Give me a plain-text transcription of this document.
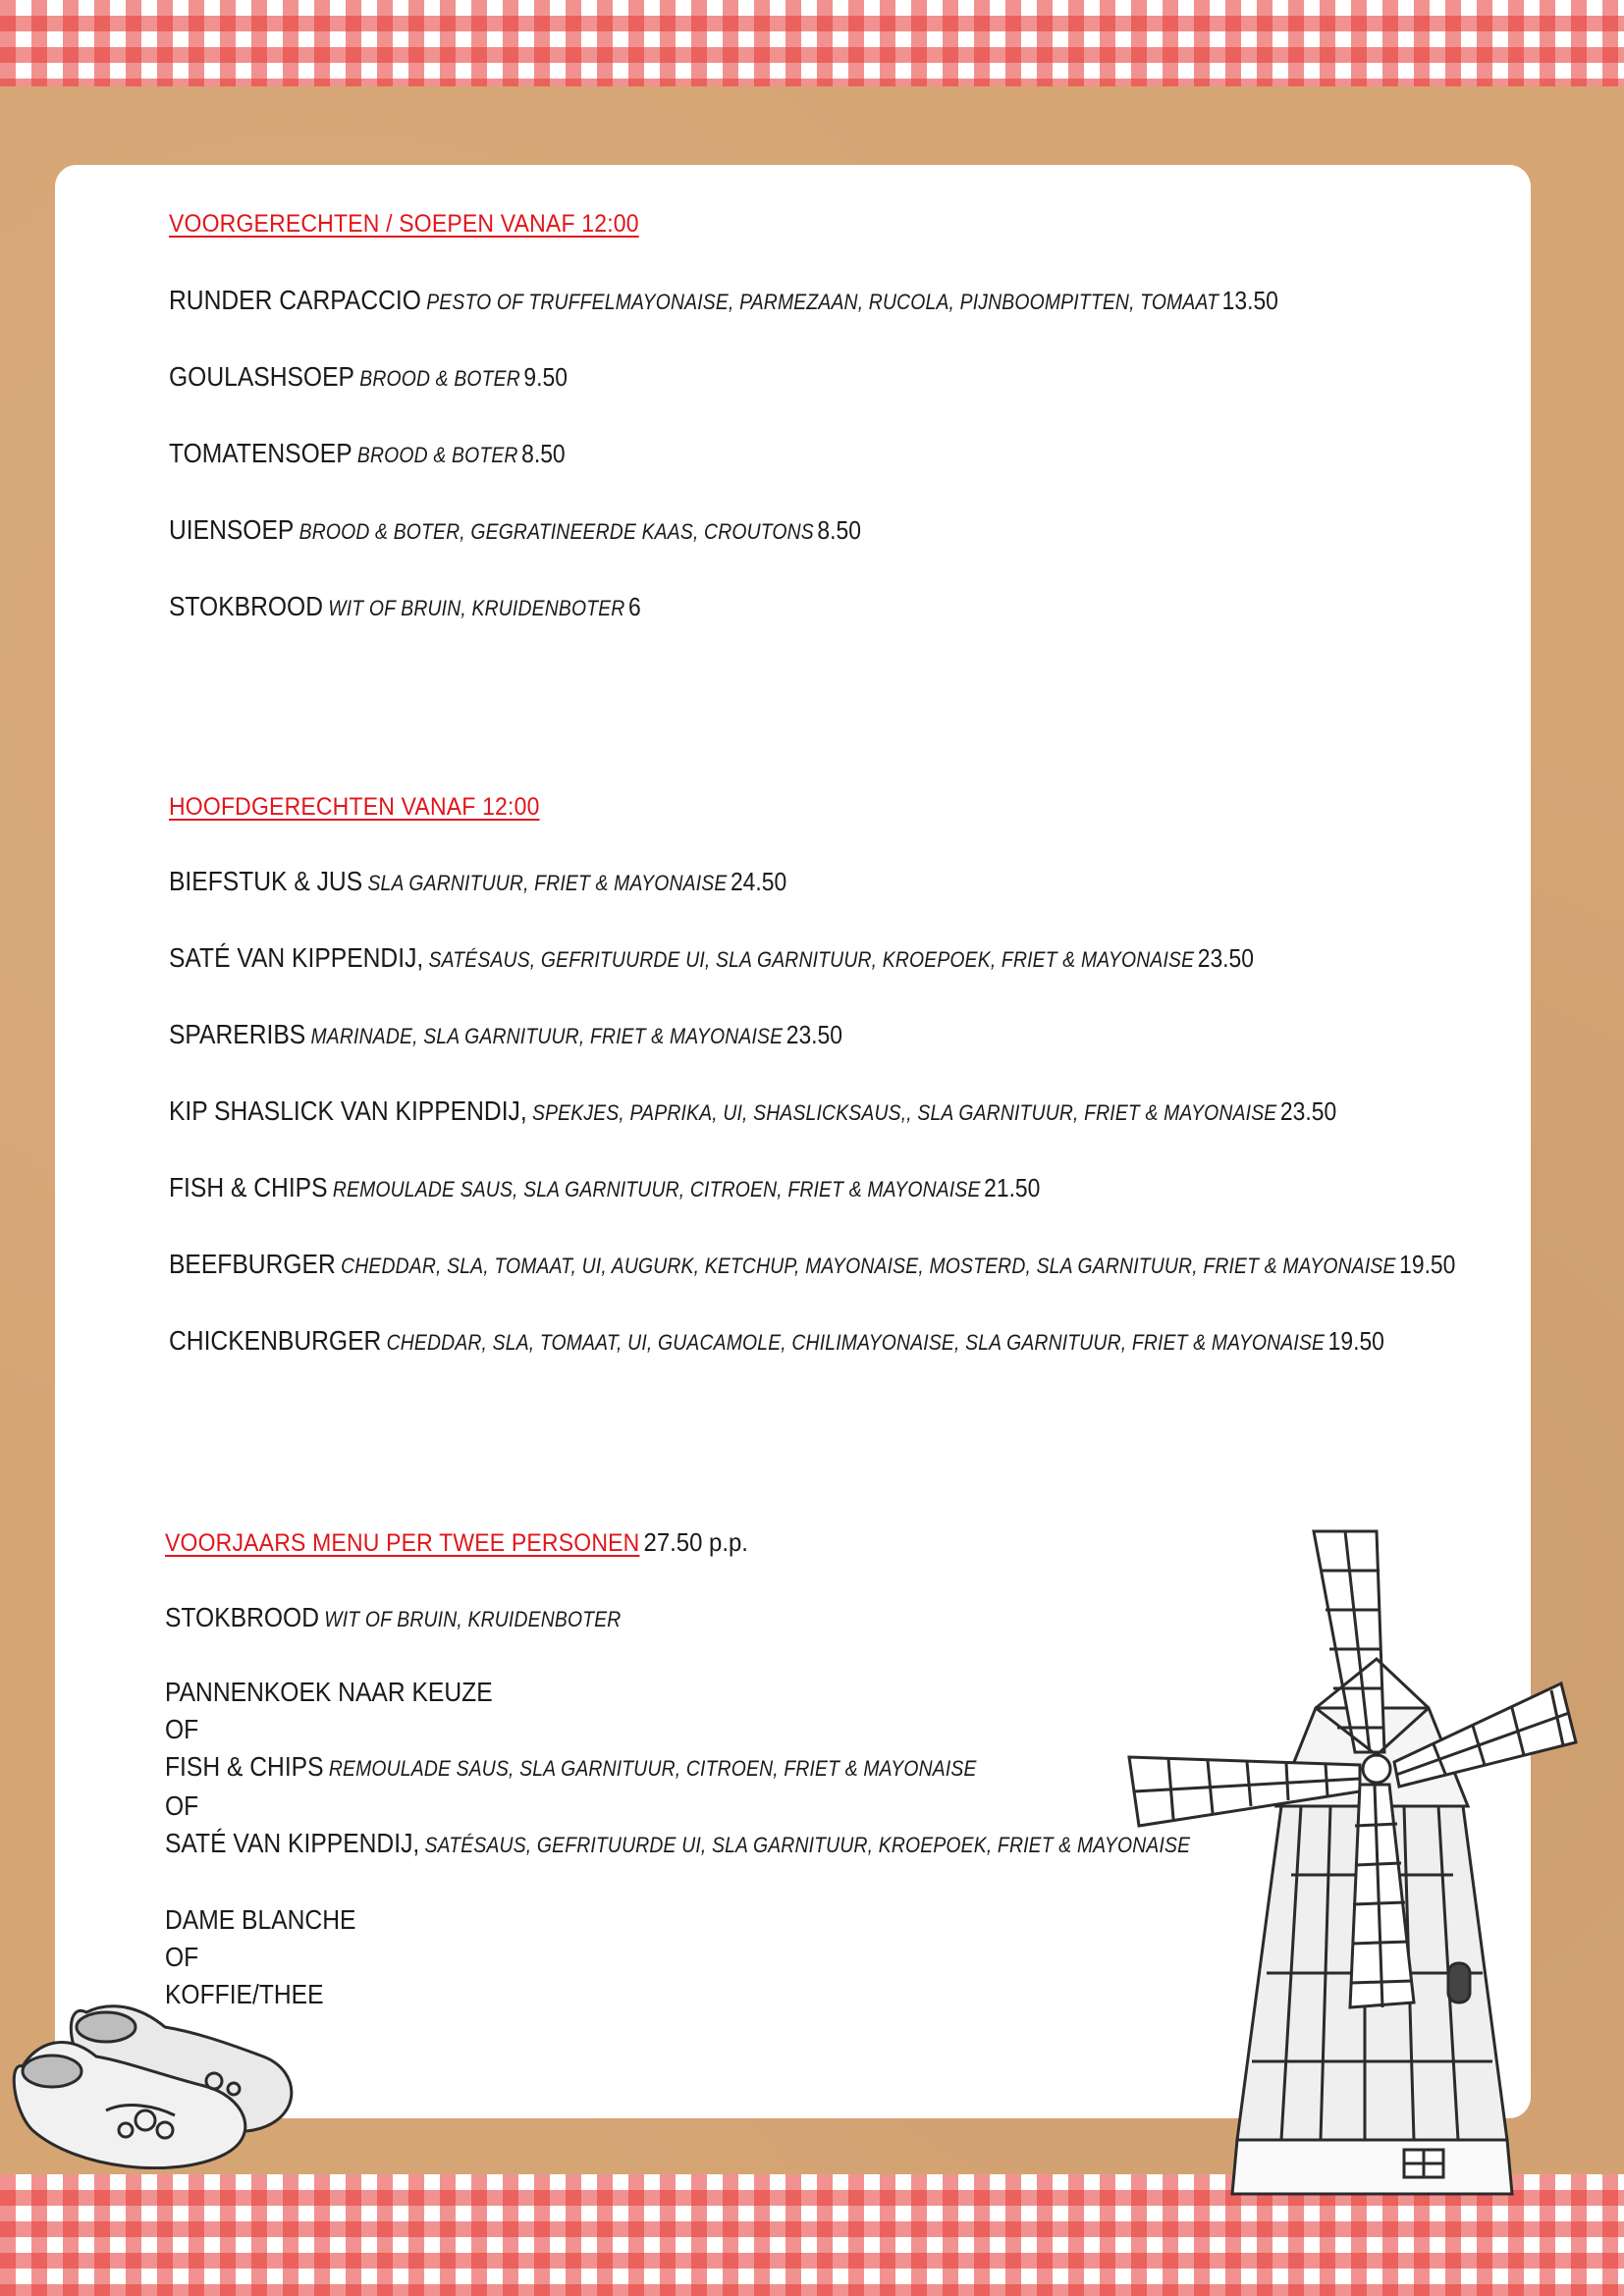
VOORGERECHTEN / SOEPEN VANAF 12:00
RUNDER CARPACCIO PESTO OF TRUFFELMAYONAISE, PARMEZAAN, RUCOLA, PIJNBOOMPITTEN, TOMAAT 13.50
GOULASHSOEP BROOD & BOTER 9.50
TOMATENSOEP BROOD & BOTER 8.50
UIENSOEP BROOD & BOTER, GEGRATINEERDE KAAS, CROUTONS 8.50
STOKBROOD WIT OF BRUIN, KRUIDENBOTER 6
HOOFDGERECHTEN VANAF 12:00
BIEFSTUK & JUS SLA GARNITUUR, FRIET & MAYONAISE 24.50
SATÉ VAN KIPPENDIJ, SATÉSAUS, GEFRITUURDE UI, SLA GARNITUUR, KROEPOEK, FRIET & MAYONAISE 23.50
SPARERIBS MARINADE, SLA GARNITUUR, FRIET & MAYONAISE 23.50
KIP SHASLICK VAN KIPPENDIJ, SPEKJES, PAPRIKA, UI, SHASLICKSAUS,, SLA GARNITUUR, FRIET & MAYONAISE 23.50
FISH & CHIPS REMOULADE SAUS, SLA GARNITUUR, CITROEN, FRIET & MAYONAISE 21.50
BEEFBURGER CHEDDAR, SLA, TOMAAT, UI, AUGURK, KETCHUP, MAYONAISE, MOSTERD, SLA GARNITUUR, FRIET & MAYONAISE 19.50
CHICKENBURGER CHEDDAR, SLA, TOMAAT, UI, GUACAMOLE, CHILIMAYONAISE, SLA GARNITUUR, FRIET & MAYONAISE 19.50
VOORJAARS MENU PER TWEE PERSONEN 27.50 p.p.
STOKBROOD WIT OF BRUIN, KRUIDENBOTER
PANNENKOEK NAAR KEUZE
OF
FISH & CHIPS REMOULADE SAUS, SLA GARNITUUR, CITROEN, FRIET & MAYONAISE
OF
SATÉ VAN KIPPENDIJ, SATÉSAUS, GEFRITUURDE UI, SLA GARNITUUR, KROEPOEK, FRIET & MAYONAISE
DAME BLANCHE
OF
KOFFIE/THEE
